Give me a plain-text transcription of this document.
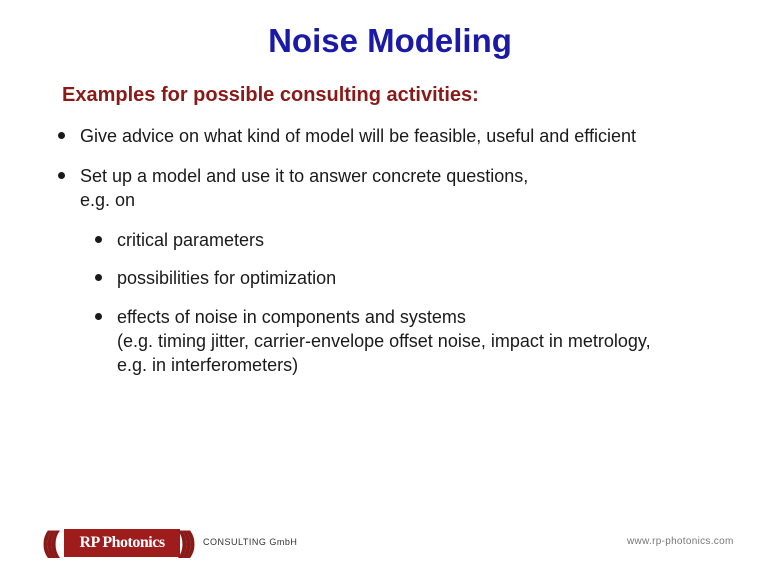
Noise Modeling
Examples for possible consulting activities:
Give advice on what kind of model will be feasible, useful and efficient
Set up a model and use it to answer concrete questions,
e.g. on
critical parameters
possibilities for optimization
effects of noise in components and systems
(e.g. timing jitter, carrier-envelope offset noise, impact in metrology,
e.g. in interferometers)
(((	RP Photonics ))) CONSULTING GmbH	www.rp-photonics.com
